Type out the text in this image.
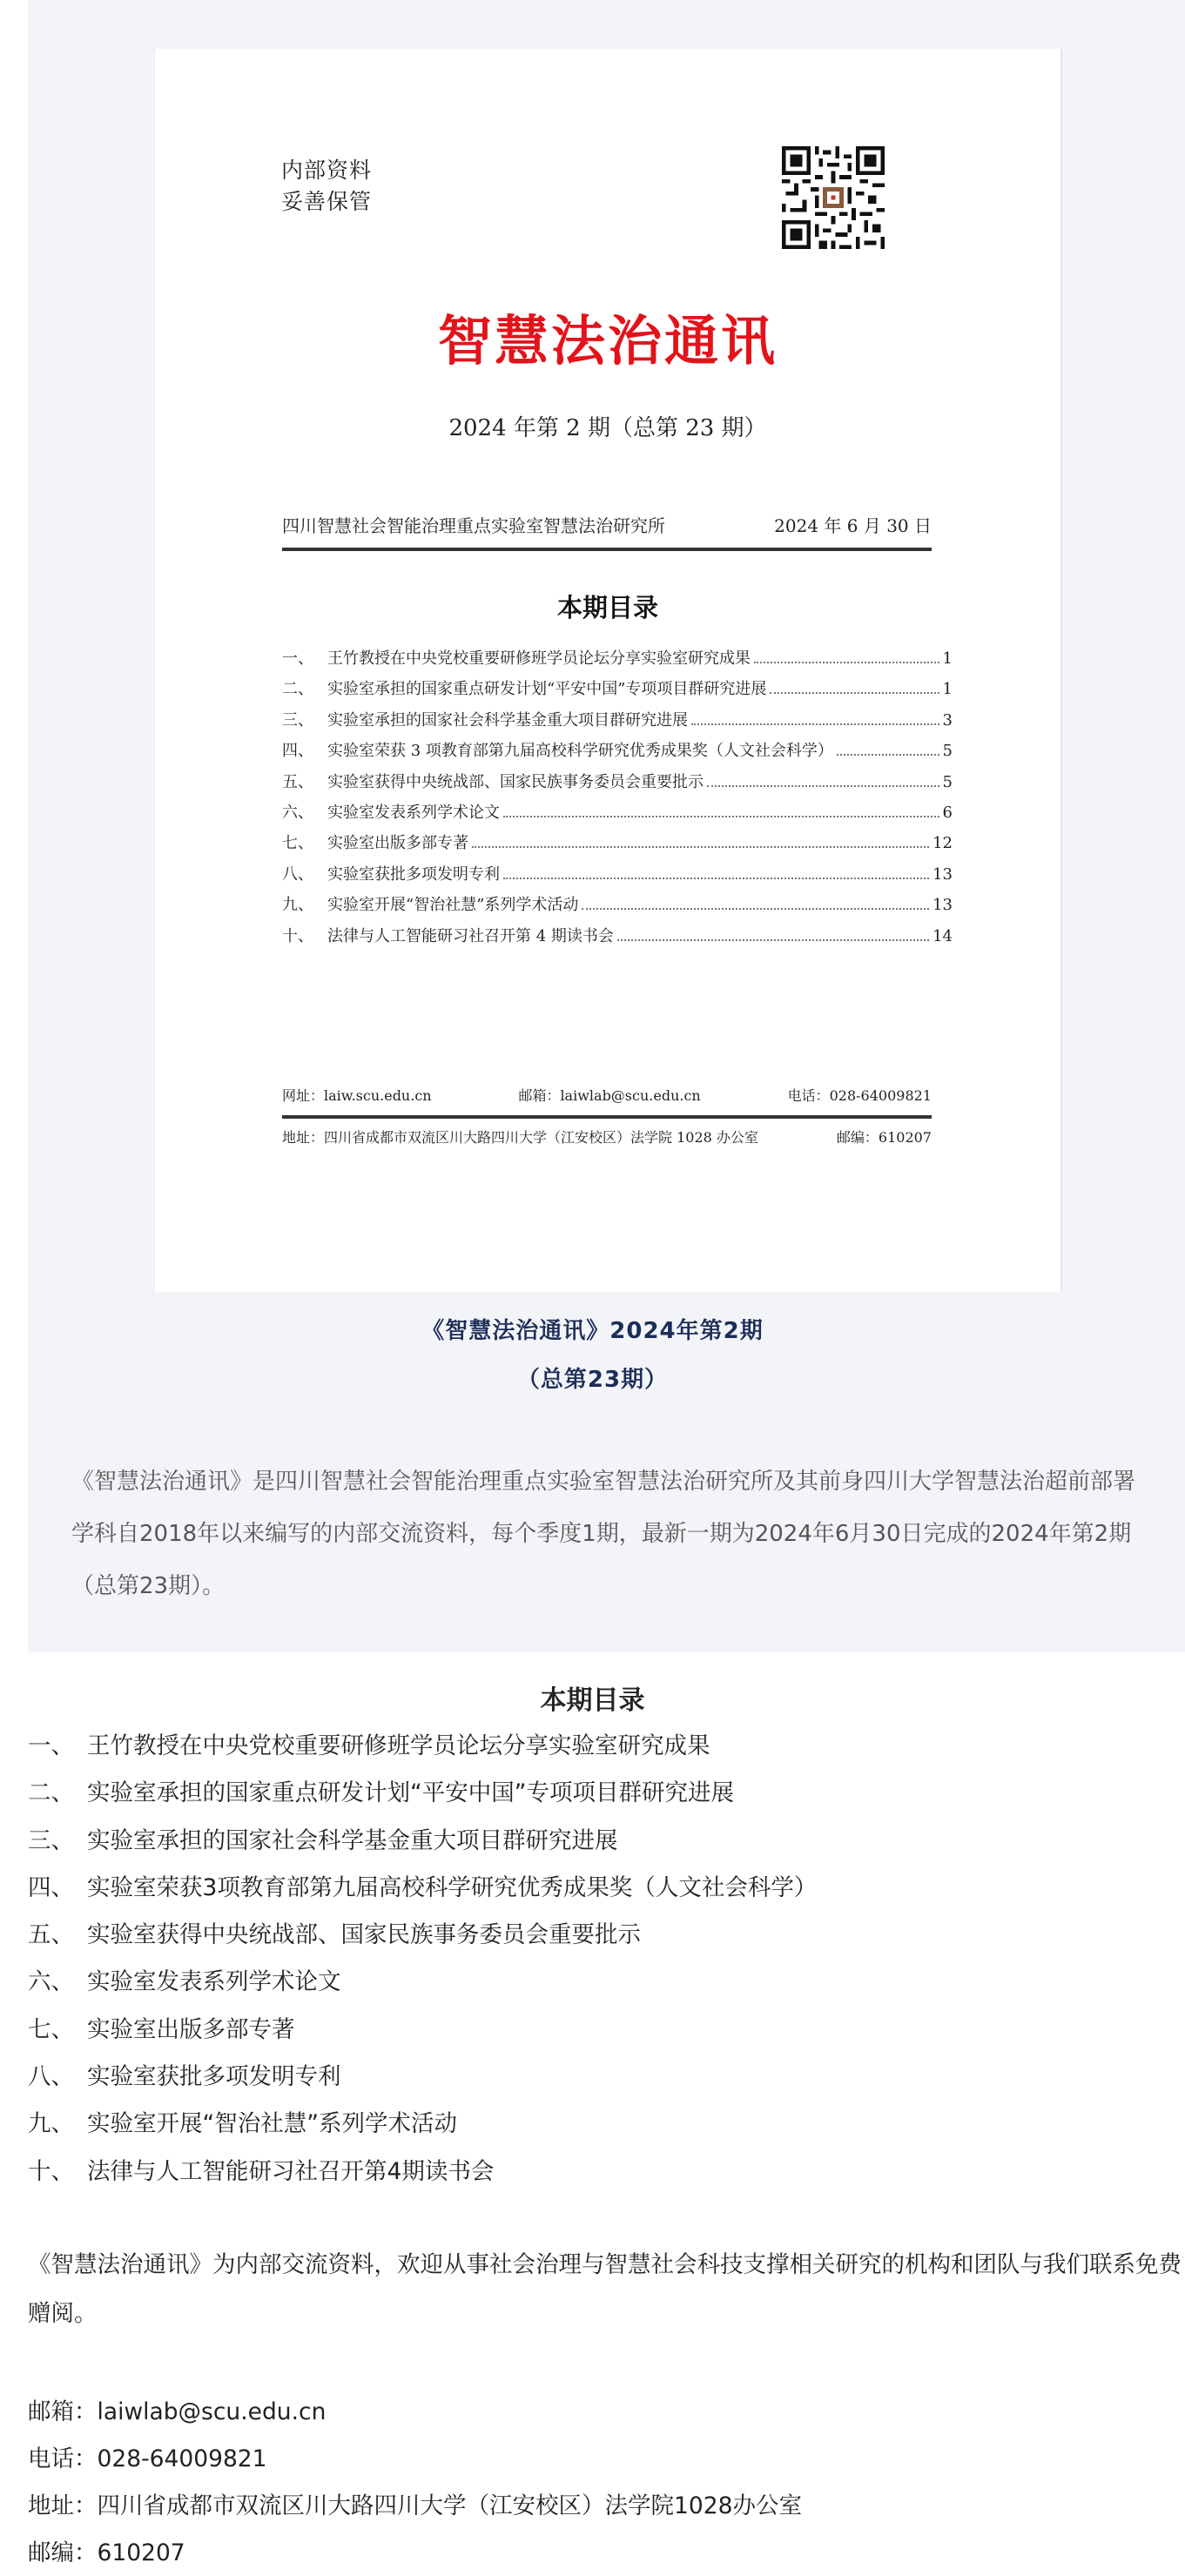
内部资料
妥善保管
智慧法治通讯
2024 年第 2 期（总第 23 期）
四川智慧社会智能治理重点实验室智慧法治研究所	2024 年 6 月 30 日
本期目录
一、 王竹教授在中央党校重要研修班学员论坛分享实验室研究成果	1
二、 实验室承担的国家重点研发计划“平安中国”专项项目群研究进展	1
三、 实验室承担的国家社会科学基金重大项目群研究进展	3
四、 实验室荣获 3 项教育部第九届高校科学研究优秀成果奖（人文社会科学）	5
五、 实验室获得中央统战部、国家民族事务委员会重要批示	5
六、 实验室发表系列学术论文	6
七、 实验室出版多部专著	12
八、 实验室获批多项发明专利	13
九、 实验室开展“智治社慧”系列学术活动	13
十、 法律与人工智能研习社召开第 4 期读书会	14
网址：laiw.scu.edu.cn	邮箱：laiwlab@scu.edu.cn	电话：028-64009821
地址：四川省成都市双流区川大路四川大学（江安校区）法学院 1028 办公室	邮编：610207
《智慧法治通讯》2024年第2期
（总第23期）

《智慧法治通讯》是四川智慧社会智能治理重点实验室智慧法治研究所及其前身四川大学智慧法治超前部署学科自2018年以来编写的内部交流资料，每个季度1期，最新一期为2024年6月30日完成的2024年第2期（总第23期）。

本期目录
一、 王竹教授在中央党校重要研修班学员论坛分享实验室研究成果
二、 实验室承担的国家重点研发计划“平安中国”专项项目群研究进展
三、 实验室承担的国家社会科学基金重大项目群研究进展
四、 实验室荣获3项教育部第九届高校科学研究优秀成果奖（人文社会科学）
五、 实验室获得中央统战部、国家民族事务委员会重要批示
六、 实验室发表系列学术论文
七、 实验室出版多部专著
八、 实验室获批多项发明专利
九、 实验室开展“智治社慧”系列学术活动
十、 法律与人工智能研习社召开第4期读书会

《智慧法治通讯》为内部交流资料，欢迎从事社会治理与智慧社会科技支撑相关研究的机构和团队与我们联系免费赠阅。

邮箱：laiwlab@scu.edu.cn
电话：028-64009821
地址：四川省成都市双流区川大路四川大学（江安校区）法学院1028办公室
邮编：610207
